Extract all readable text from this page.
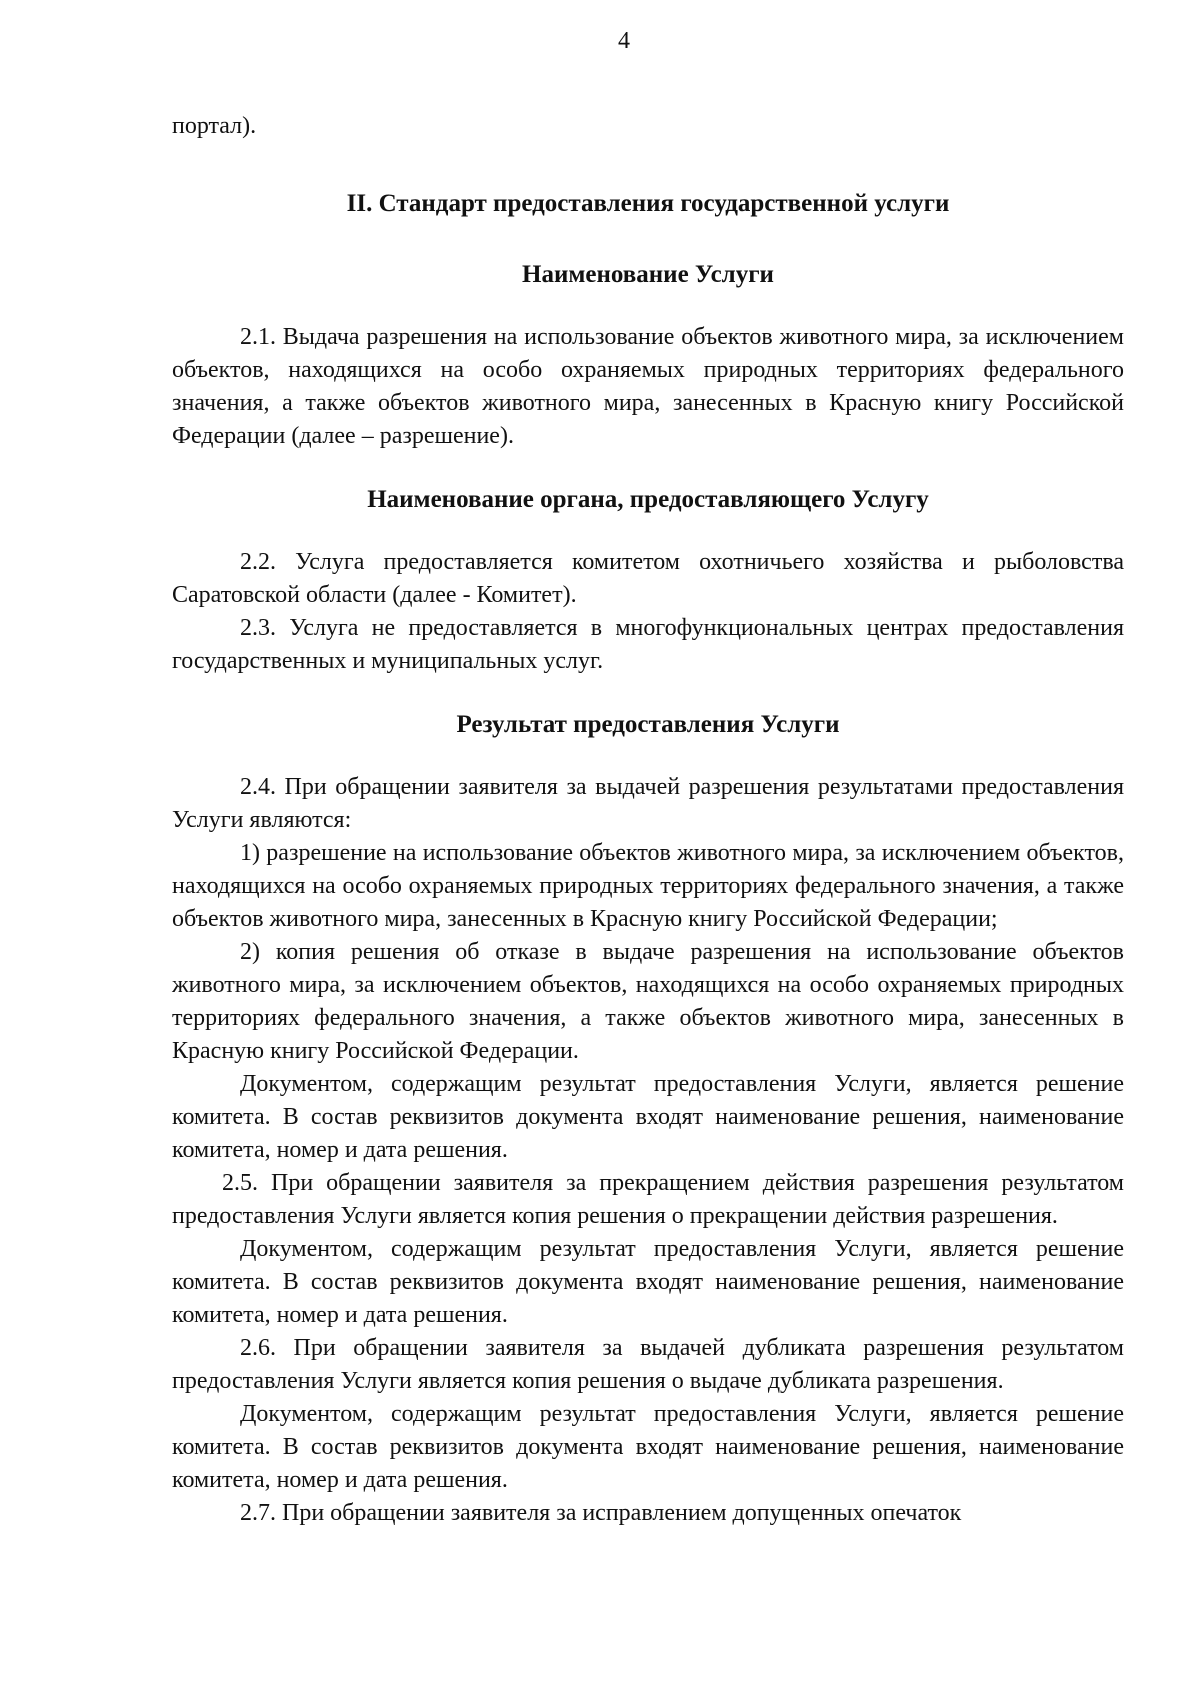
4

портал).

II. Стандарт предоставления государственной услуги
Наименование Услуги

2.1. Выдача разрешения на использование объектов животного мира, за исключением объектов, находящихся на особо охраняемых природных территориях федерального значения, а также объектов животного мира, занесенных в Красную книгу Российской Федерации (далее – разрешение).

Наименование органа, предоставляющего Услугу

2.2. Услуга предоставляется комитетом охотничьего хозяйства и рыболовства Саратовской области (далее - Комитет).

2.3. Услуга не предоставляется в многофункциональных центрах предоставления государственных и муниципальных услуг.

Результат предоставления Услуги

2.4. При обращении заявителя за выдачей разрешения результатами предоставления Услуги являются:

1) разрешение на использование объектов животного мира, за исключением объектов, находящихся на особо охраняемых природных территориях федерального значения, а также объектов животного мира, занесенных в Красную книгу Российской Федерации;

2) копия решения об отказе в выдаче разрешения на использование объектов животного мира, за исключением объектов, находящихся на особо охраняемых природных территориях федерального значения, а также объектов животного мира, занесенных в Красную книгу Российской Федерации.

Документом, содержащим результат предоставления Услуги, является решение комитета. В состав реквизитов документа входят наименование решения, наименование комитета, номер и дата решения.

2.5. При обращении заявителя за прекращением действия разрешения результатом предоставления Услуги является копия решения о прекращении действия разрешения.

Документом, содержащим результат предоставления Услуги, является решение комитета. В состав реквизитов документа входят наименование решения, наименование комитета, номер и дата решения.

2.6. При обращении заявителя за выдачей дубликата разрешения результатом предоставления Услуги является копия решения о выдаче дубликата разрешения.

Документом, содержащим результат предоставления Услуги, является решение комитета. В состав реквизитов документа входят наименование решения, наименование комитета, номер и дата решения.

2.7. При обращении заявителя за исправлением допущенных опечаток
